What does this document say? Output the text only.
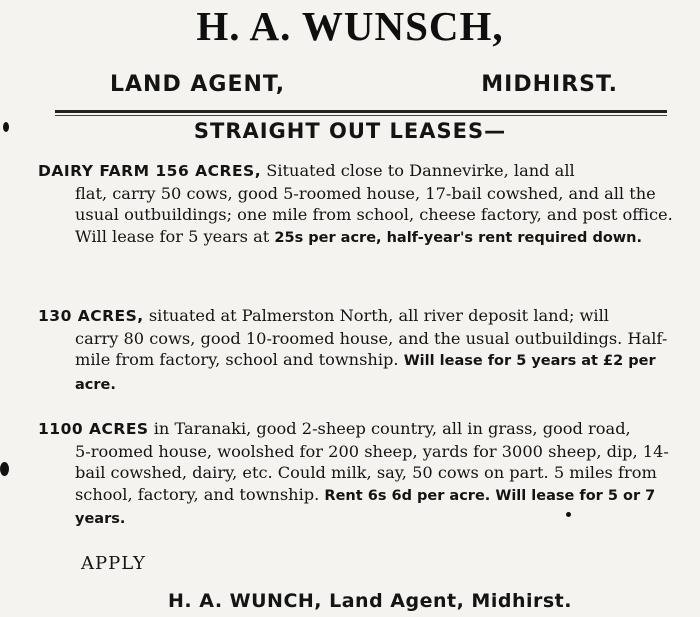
H. A. WUNSCH,
LAND AGENT,	MIDHIRST.
STRAIGHT OUT LEASES—
DAIRY FARM 156 ACRES, Situated close to Dannevirke, land all
flat, carry 50 cows, good 5-roomed house, 17-bail cowshed, and all the usual outbuildings; one mile from school, cheese factory, and post office. Will lease for 5 years at 25s per acre, half-year's rent required down.
130 ACRES, situated at Palmerston North, all river deposit land; will
carry 80 cows, good 10-roomed house, and the usual outbuildings. Half-mile from factory, school and township. Will lease for 5 years at £2 per acre.
1100 ACRES in Taranaki, good 2-sheep country, all in grass, good road,
5-roomed house, woolshed for 200 sheep, yards for 3000 sheep, dip, 14-bail cowshed, dairy, etc. Could milk, say, 50 cows on part. 5 miles from school, factory, and township. Rent 6s 6d per acre. Will lease for 5 or 7 years.
APPLY
H. A. WUNCH, Land Agent, Midhirst.
